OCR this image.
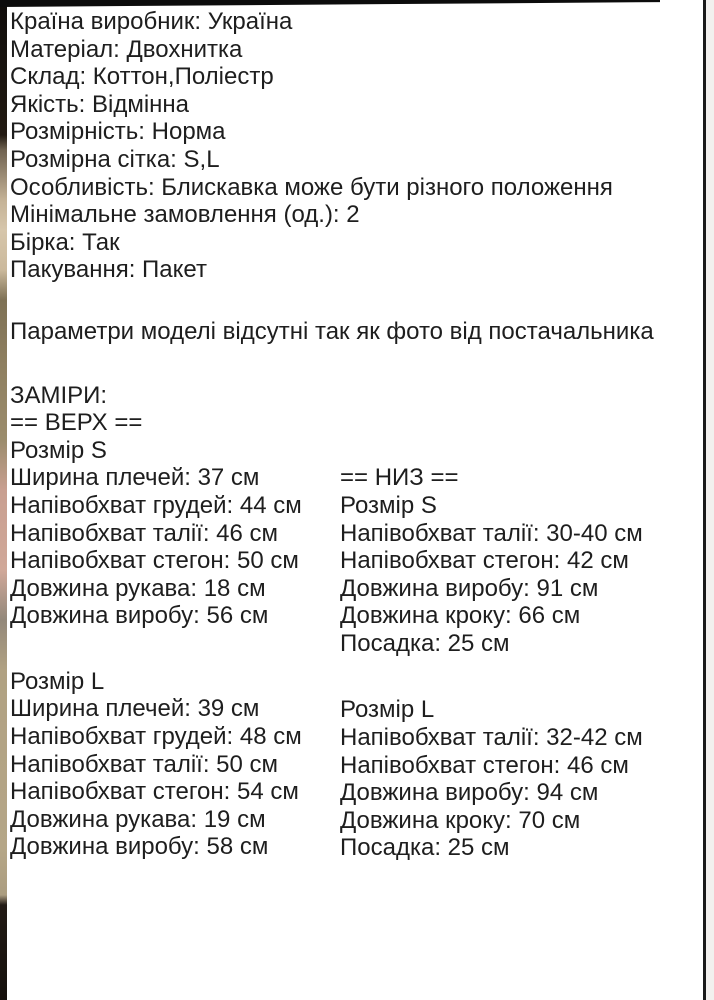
Країна виробник: Україна
Матеріал: Двохнитка
Склад: Коттон,Поліестр
Якість: Відмінна
Розмірність: Норма
Розмірна сітка: S,L
Особливість: Блискавка може бути різного положення
Мінімальне замовлення (од.): 2
Бірка: Так
Пакування: Пакет
Параметри моделі відсутні так як фото від постачальника
ЗАМІРИ:
== ВЕРХ ==
Розмір S
Ширина плечей: 37 см
Напівобхват грудей: 44 см
Напівобхват талії: 46 см
Напівобхват стегон: 50 см
Довжина рукава: 18 см
Довжина виробу: 56 см
Розмір L
Ширина плечей: 39 см
Напівобхват грудей: 48 см
Напівобхват талії: 50 см
Напівобхват стегон: 54 см
Довжина рукава: 19 см
Довжина виробу: 58 см
== НИЗ ==
Розмір S
Напівобхват талії: 30-40 см
Напівобхват стегон: 42 см
Довжина виробу: 91 см
Довжина кроку: 66 см
Посадка: 25 см
Розмір L
Напівобхват талії: 32-42 см
Напівобхват стегон: 46 см
Довжина виробу: 94 см
Довжина кроку: 70 см
Посадка: 25 см
